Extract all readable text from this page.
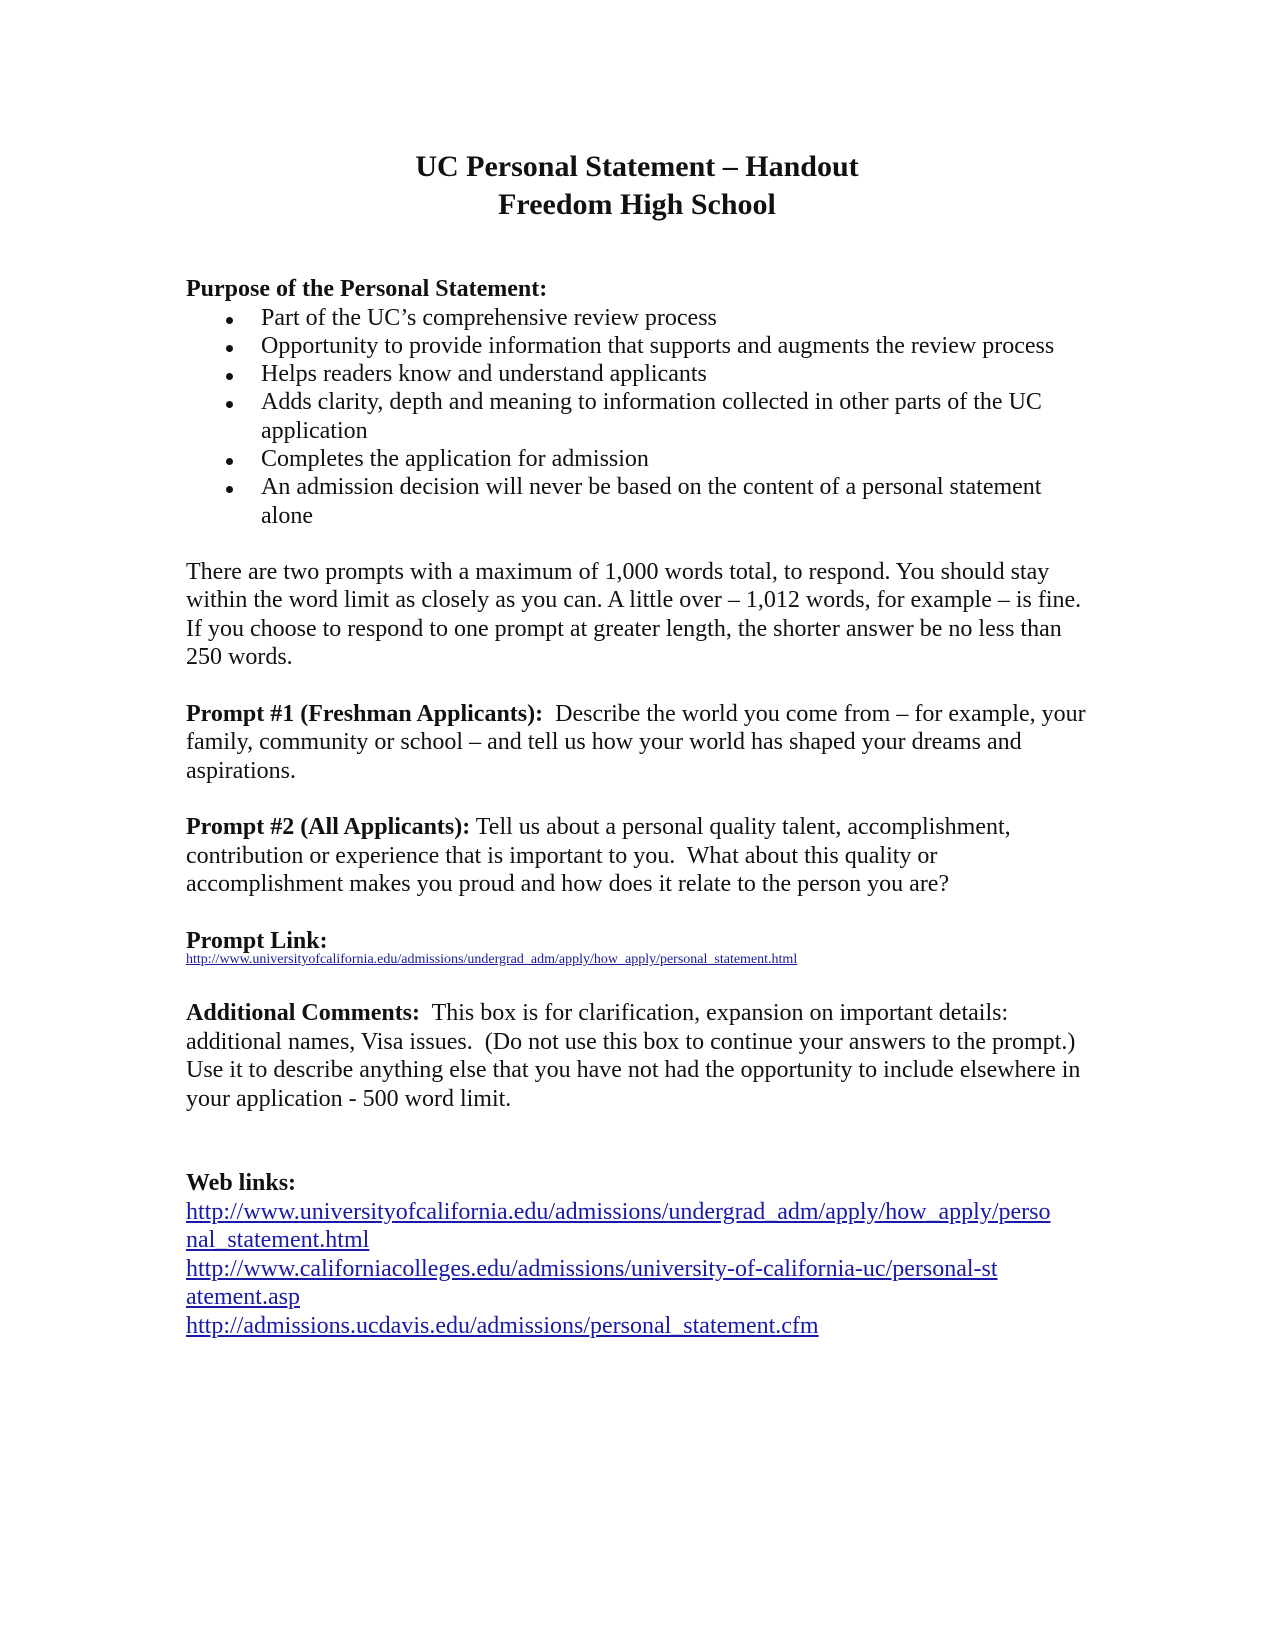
UC Personal Statement – Handout
Freedom High School

Purpose of the Personal Statement:

Part of the UC’s comprehensive review process
Opportunity to provide information that supports and augments the review process
Helps readers know and understand applicants
Adds clarity, depth and meaning to information collected in other parts of the UC application
Completes the application for admission
An admission decision will never be based on the content of a personal statement alone

There are two prompts with a maximum of 1,000 words total, to respond. You should stay within the word limit as closely as you can. A little over – 1,012 words, for example – is fine. If you choose to respond to one prompt at greater length, the shorter answer be no less than 250 words.

Prompt #1 (Freshman Applicants):  Describe the world you come from – for example, your family, community or school – and tell us how your world has shaped your dreams and aspirations.

Prompt #2 (All Applicants): Tell us about a personal quality talent, accomplishment, contribution or experience that is important to you.  What about this quality or accomplishment makes you proud and how does it relate to the person you are?

Prompt Link:

http://www.universityofcalifornia.edu/admissions/undergrad_adm/apply/how_apply/personal_statement.html

Additional Comments:  This box is for clarification, expansion on important details: additional names, Visa issues.  (Do not use this box to continue your answers to the prompt.)  Use it to describe anything else that you have not had the opportunity to include elsewhere in your application - 500 word limit.

Web links:

http://www.universityofcalifornia.edu/admissions/undergrad_adm/apply/how_apply/personal_statement.html
http://www.californiacolleges.edu/admissions/university-of-california-uc/personal-statement.asp
http://admissions.ucdavis.edu/admissions/personal_statement.cfm
